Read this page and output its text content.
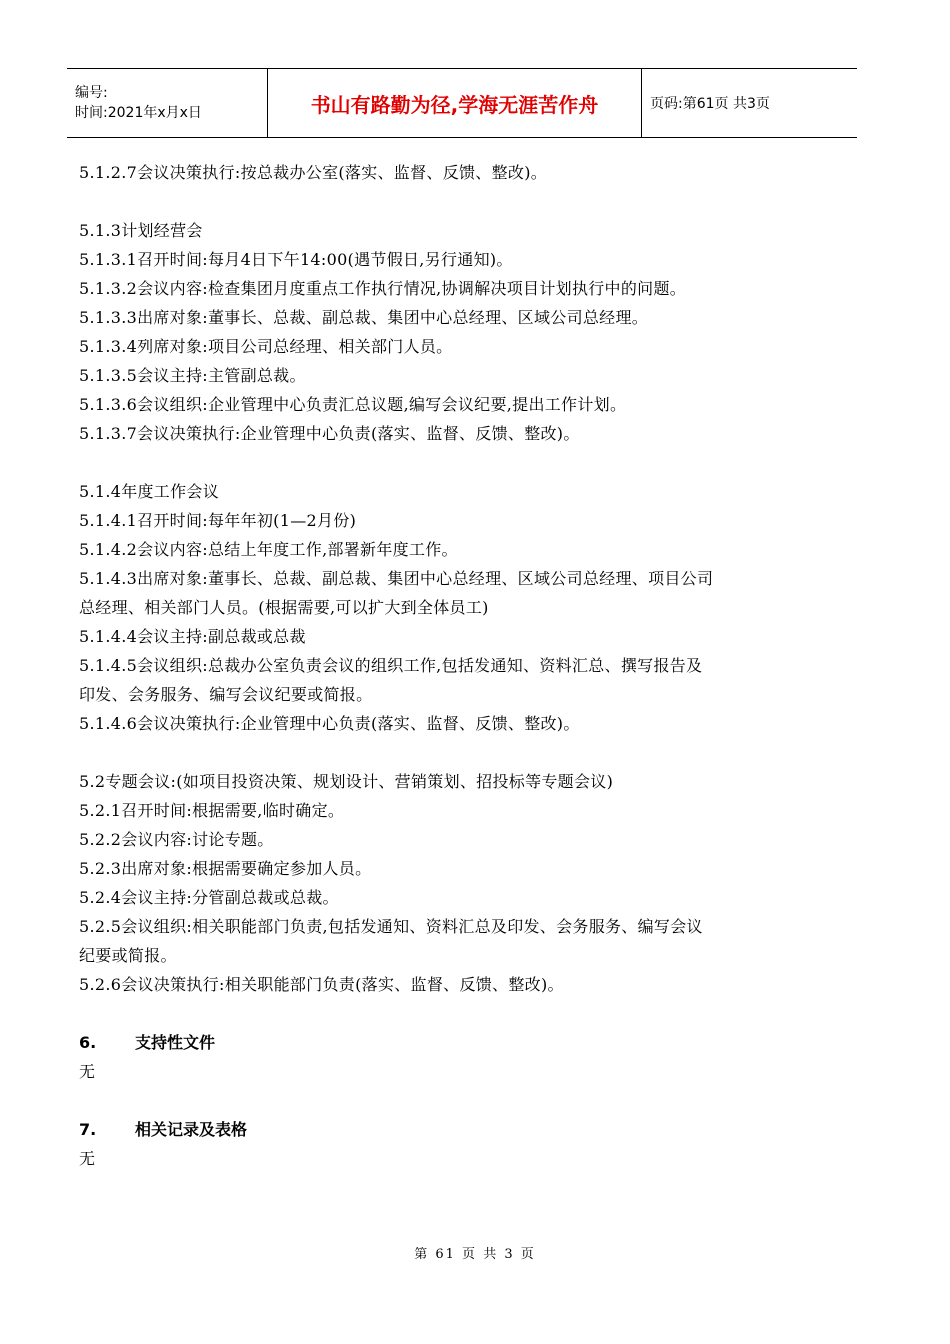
编号:
时间:2021年x月x日	书山有路勤为径,学海无涯苦作舟	页码:第61页 共3页
5.1.2.7会议决策执行:按总裁办公室(落实、监督、反馈、整改)。
5.1.3计划经营会
5.1.3.1召开时间:每月4日下午14:00(遇节假日,另行通知)。
5.1.3.2会议内容:检查集团月度重点工作执行情况,协调解决项目计划执行中的问题。
5.1.3.3出席对象:董事长、总裁、副总裁、集团中心总经理、区域公司总经理。
5.1.3.4列席对象:项目公司总经理、相关部门人员。
5.1.3.5会议主持:主管副总裁。
5.1.3.6会议组织:企业管理中心负责汇总议题,编写会议纪要,提出工作计划。
5.1.3.7会议决策执行:企业管理中心负责(落实、监督、反馈、整改)。
5.1.4年度工作会议
5.1.4.1召开时间:每年年初(1—2月份)
5.1.4.2会议内容:总结上年度工作,部署新年度工作。
5.1.4.3出席对象:董事长、总裁、副总裁、集团中心总经理、区域公司总经理、项目公司
总经理、相关部门人员。(根据需要,可以扩大到全体员工)
5.1.4.4会议主持:副总裁或总裁
5.1.4.5会议组织:总裁办公室负责会议的组织工作,包括发通知、资料汇总、撰写报告及
印发、会务服务、编写会议纪要或简报。
5.1.4.6会议决策执行:企业管理中心负责(落实、监督、反馈、整改)。
5.2专题会议:(如项目投资决策、规划设计、营销策划、招投标等专题会议)
5.2.1召开时间:根据需要,临时确定。
5.2.2会议内容:讨论专题。
5.2.3出席对象:根据需要确定参加人员。
5.2.4会议主持:分管副总裁或总裁。
5.2.5会议组织:相关职能部门负责,包括发通知、资料汇总及印发、会务服务、编写会议
纪要或简报。
5.2.6会议决策执行:相关职能部门负责(落实、监督、反馈、整改)。
6.	支持性文件
无
7.	相关记录及表格
无
第 61 页 共 3 页
